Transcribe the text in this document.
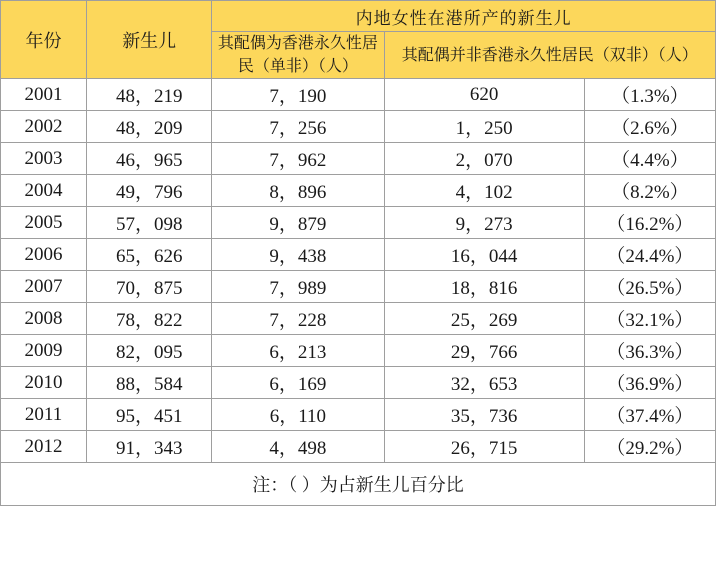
年份	新生儿	内地女性在港所产的新生儿		
		其配偶为香港永久性居民（单非）（人）	其配偶并非香港永久性居民（双非）（人）	
2001	48，219	7，190	620	（1.3%）
2002	48，209	7，256	1，250	（2.6%）
2003	46，965	7，962	2，070	（4.4%）
2004	49，796	8，896	4，102	（8.2%）
2005	57，098	9，879	9，273	（16.2%）
2006	65，626	9，438	16，044	（24.4%）
2007	70，875	7，989	18，816	（26.5%）
2008	78，822	7，228	25，269	（32.1%）
2009	82，095	6，213	29，766	（36.3%）
2010	88，584	6，169	32，653	（36.9%）
2011	95，451	6，110	35，736	（37.4%）
2012	91，343	4，498	26，715	（29.2%）
注：（ ）为占新生儿百分比				
